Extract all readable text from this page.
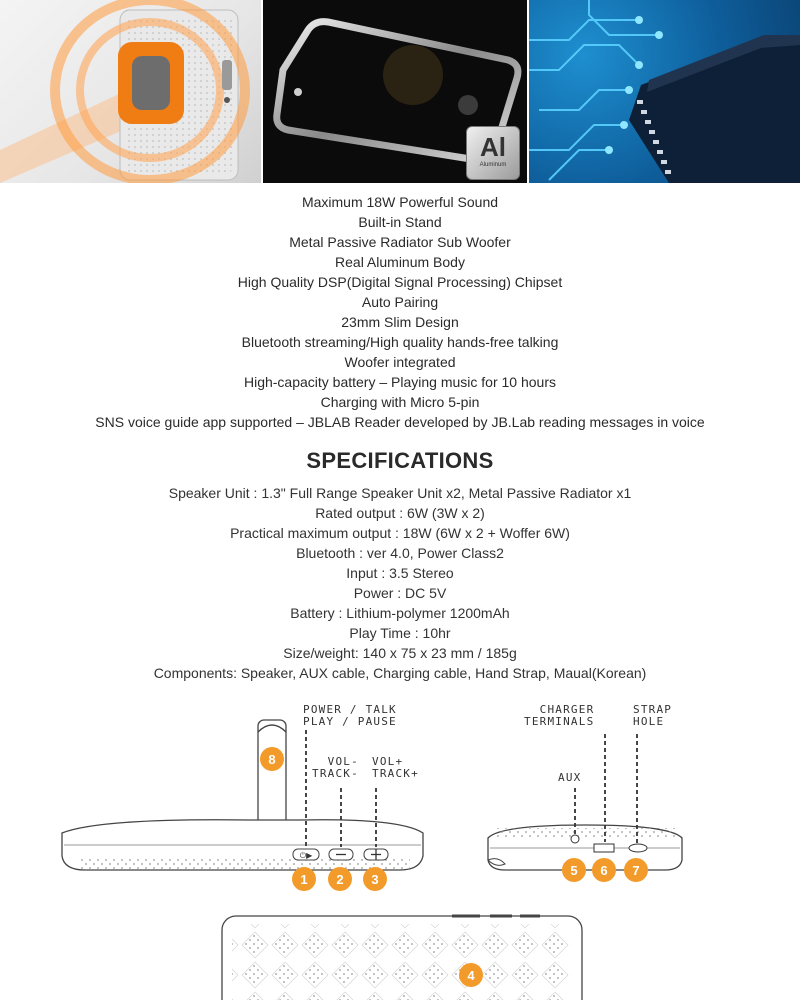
Al
Aluminum
Maximum 18W Powerful Sound
Built-in Stand
Metal Passive Radiator Sub Woofer
Real Aluminum Body
High Quality DSP(Digital Signal Processing) Chipset
Auto Pairing
23mm Slim Design
Bluetooth streaming/High quality hands-free talking
Woofer integrated
High-capacity battery – Playing music for 10 hours
Charging with Micro 5-pin
SNS voice guide app supported – JBLAB Reader developed by JB.Lab reading messages in voice
SPECIFICATIONS
Speaker Unit : 1.3" Full Range Speaker Unit x2, Metal Passive Radiator x1
Rated output : 6W (3W x 2)
Practical maximum output : 18W (6W x 2 + Woffer 6W)
Bluetooth : ver 4.0, Power Class2
Input : 3.5 Stereo
Power : DC 5V
Battery : Lithium-polymer 1200mAh
Play Time : 10hr
Size/weight: 140 x 75 x 23 mm / 185g
Components: Speaker, AUX cable, Charging cable, Hand Strap, Maual(Korean)
⏻▶︎
8
1 2 3
5 6 7
4
POWER / TALK
PLAY / PAUSE
VOL-
TRACK-
VOL+
TRACK+
CHARGER
TERMINALS
STRAP
HOLE
AUX
